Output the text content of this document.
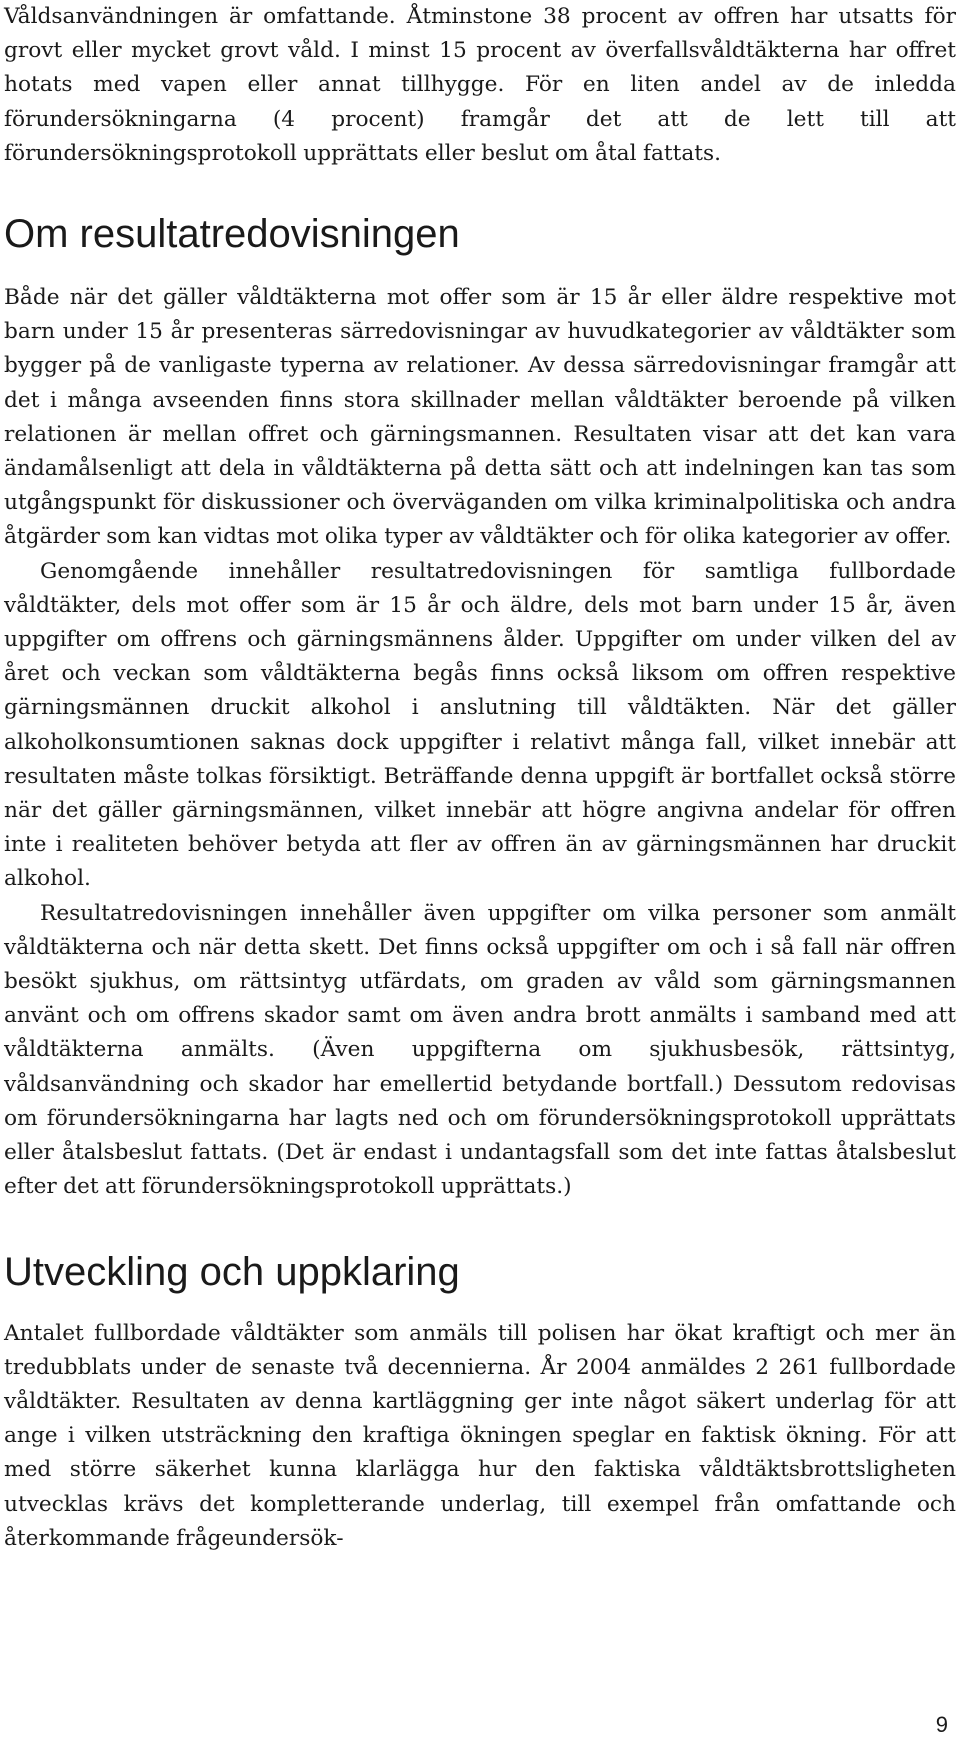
Våldsanvändningen är omfattande. Åtminstone 38 procent av offren har utsatts för grovt eller mycket grovt våld. I minst 15 procent av överfallsvåldtäkterna har offret hotats med vapen eller annat tillhygge. För en liten andel av de inledda förundersökningarna (4 procent) framgår det att de lett till att förundersökningsprotokoll upprättats eller beslut om åtal fattats.

Om resultatredovisningen

Både när det gäller våldtäkterna mot offer som är 15 år eller äldre respektive mot barn under 15 år presenteras särredovisningar av huvudkategorier av våldtäkter som bygger på de vanligaste typerna av relationer. Av dessa särredovisningar framgår att det i många avseenden finns stora skillnader mellan våldtäkter beroende på vilken relationen är mellan offret och gärningsmannen. Resultaten visar att det kan vara ändamålsenligt att dela in våldtäkterna på detta sätt och att indelningen kan tas som utgångspunkt för diskussioner och överväganden om vilka kriminalpolitiska och andra åtgärder som kan vidtas mot olika typer av våldtäkter och för olika kategorier av offer.

Genomgående innehåller resultatredovisningen för samtliga fullbordade våldtäkter, dels mot offer som är 15 år och äldre, dels mot barn under 15 år, även uppgifter om offrens och gärningsmännens ålder. Uppgifter om under vilken del av året och veckan som våldtäkterna begås finns också liksom om offren respektive gärningsmännen druckit alkohol i anslutning till våldtäkten. När det gäller alkoholkonsumtionen saknas dock uppgifter i relativt många fall, vilket innebär att resultaten måste tolkas försiktigt. Beträffande denna uppgift är bortfallet också större när det gäller gärningsmännen, vilket innebär att högre angivna andelar för offren inte i realiteten behöver betyda att fler av offren än av gärningsmännen har druckit alkohol.

Resultatredovisningen innehåller även uppgifter om vilka personer som anmält våldtäkterna och när detta skett. Det finns också uppgifter om och i så fall när offren besökt sjukhus, om rättsintyg utfärdats, om graden av våld som gärningsmannen använt och om offrens skador samt om även andra brott anmälts i samband med att våldtäkterna anmälts. (Även uppgifterna om sjukhusbesök, rättsintyg, våldsanvändning och skador har emellertid betydande bortfall.) Dessutom redovisas om förundersökningarna har lagts ned och om förundersökningsprotokoll upprättats eller åtalsbeslut fattats. (Det är endast i undantagsfall som det inte fattas åtalsbeslut efter det att förundersökningsprotokoll upprättats.)

Utveckling och uppklaring

Antalet fullbordade våldtäkter som anmäls till polisen har ökat kraftigt och mer än tredubblats under de senaste två decennierna. År 2004 anmäldes 2 261 fullbordade våldtäkter. Resultaten av denna kartläggning ger inte något säkert underlag för att ange i vilken utsträckning den kraftiga ökningen speglar en faktisk ökning. För att med större säkerhet kunna klarlägga hur den faktiska våldtäktsbrottsligheten utvecklas krävs det kompletterande underlag, till exempel från omfattande och återkommande frågeundersök-

9
